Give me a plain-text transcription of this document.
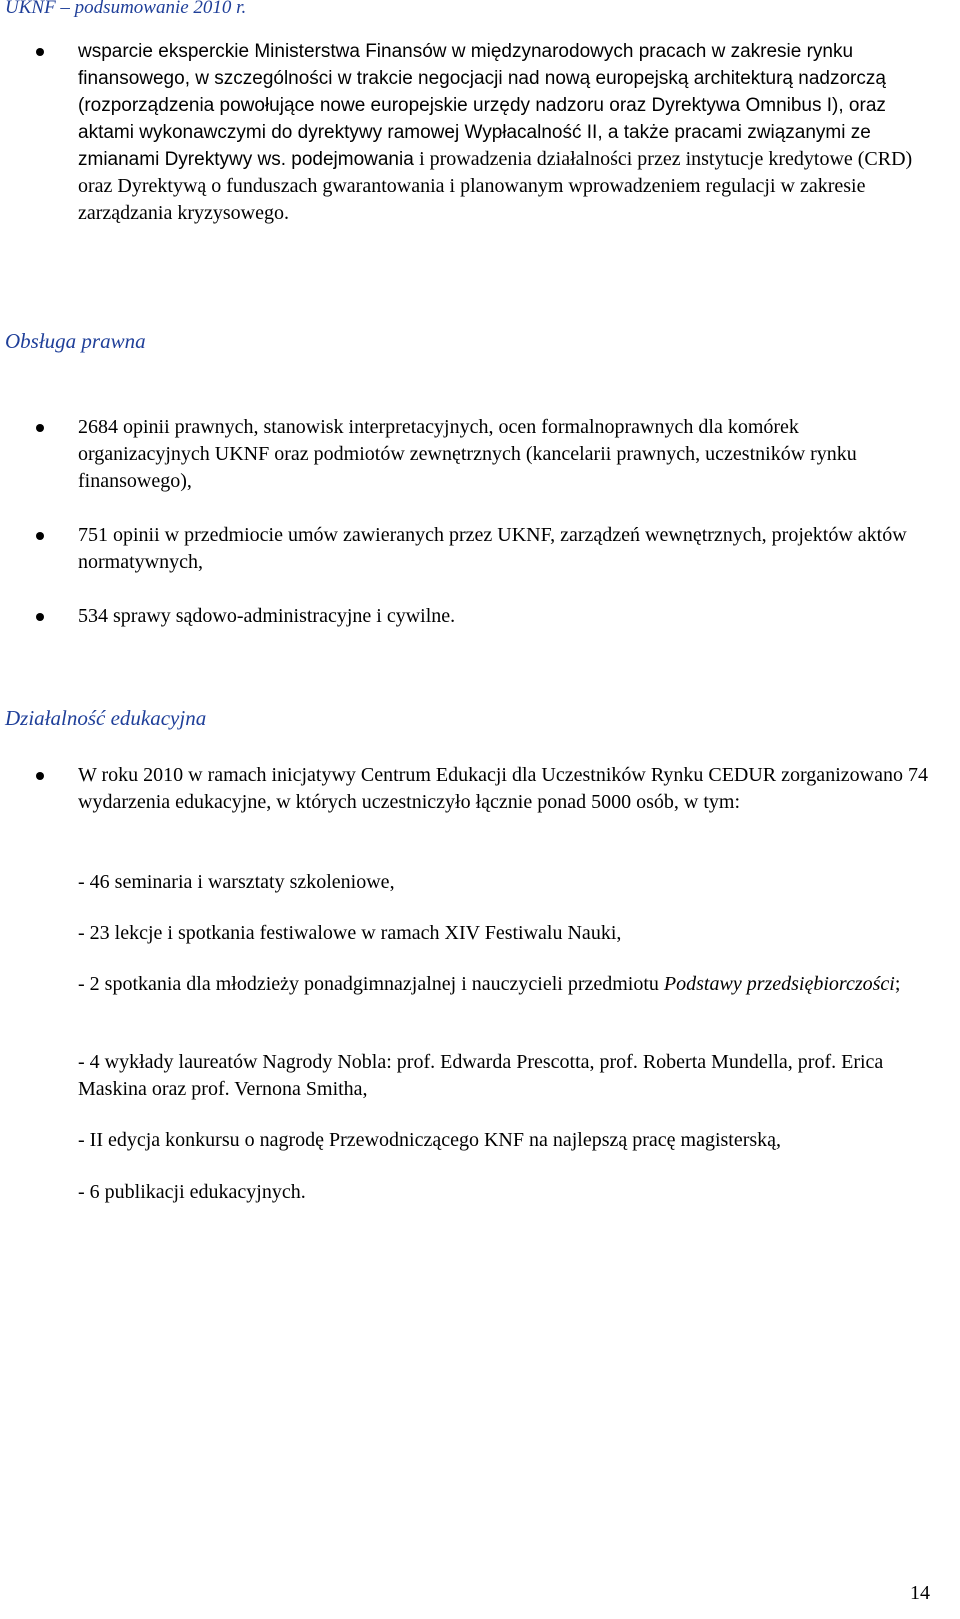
UKNF – podsumowanie 2010 r.
wsparcie eksperckie Ministerstwa Finansów w międzynarodowych pracach w zakresie rynku finansowego, w szczególności w trakcie negocjacji nad nową europejską architekturą nadzorczą (rozporządzenia powołujące nowe europejskie urzędy nadzoru oraz Dyrektywa Omnibus I), oraz aktami wykonawczymi do dyrektywy ramowej Wypłacalność II, a także pracami związanymi ze zmianami Dyrektywy ws. podejmowania i prowadzenia działalności przez instytucje kredytowe (CRD) oraz Dyrektywą o funduszach gwarantowania i planowanym wprowadzeniem regulacji w zakresie zarządzania kryzysowego.
Obsługa prawna
2684 opinii prawnych, stanowisk interpretacyjnych, ocen formalnoprawnych dla komórek organizacyjnych UKNF oraz podmiotów zewnętrznych (kancelarii prawnych, uczestników rynku finansowego),
751 opinii w przedmiocie umów zawieranych przez UKNF, zarządzeń wewnętrznych, projektów aktów normatywnych,
534 sprawy sądowo-administracyjne i cywilne.
Działalność edukacyjna
W roku 2010 w ramach inicjatywy Centrum Edukacji dla Uczestników Rynku CEDUR zorganizowano 74 wydarzenia edukacyjne, w których uczestniczyło łącznie ponad 5000 osób, w tym:
- 46 seminaria i warsztaty szkoleniowe,
- 23 lekcje i spotkania festiwalowe w ramach XIV Festiwalu Nauki,
- 2 spotkania dla młodzieży ponadgimnazjalnej i nauczycieli przedmiotu Podstawy przedsiębiorczości;
- 4 wykłady laureatów Nagrody Nobla: prof. Edwarda Prescotta, prof. Roberta Mundella, prof. Erica Maskina oraz prof. Vernona Smitha,
- II edycja konkursu o nagrodę Przewodniczącego KNF na najlepszą pracę magisterską,
- 6 publikacji edukacyjnych.
14
